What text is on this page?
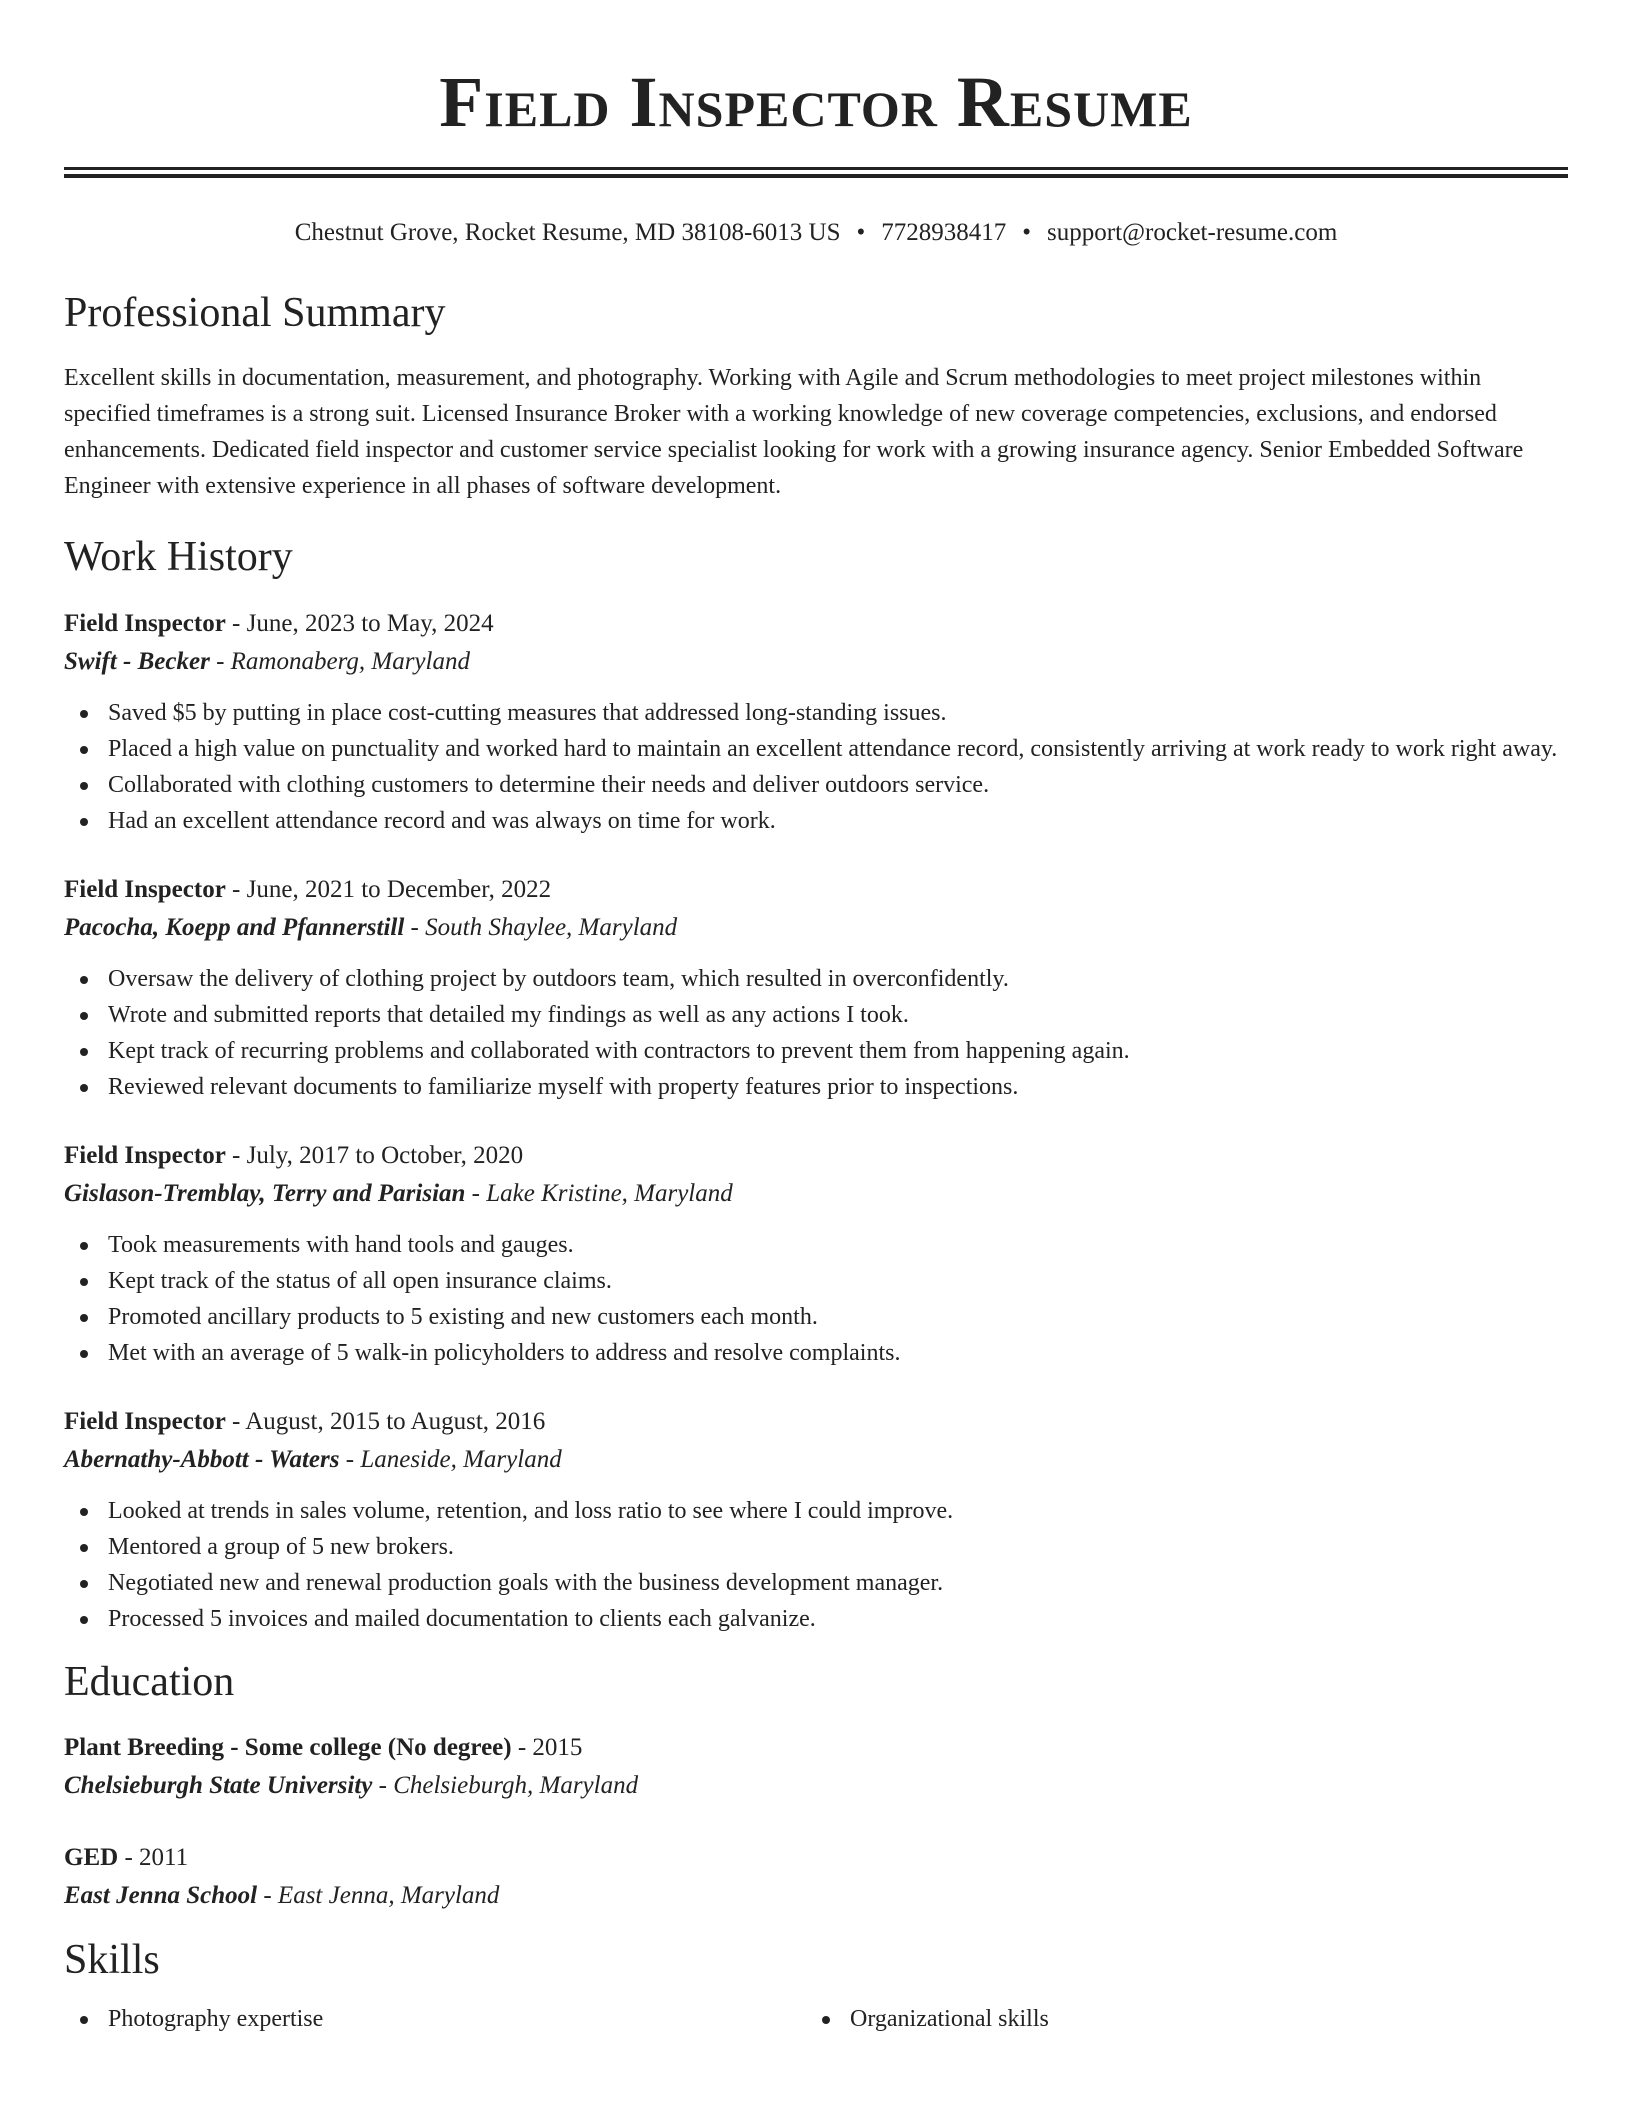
Field Inspector Resume
Chestnut Grove, Rocket Resume, MD 38108-6013 US • 7728938417 • support@rocket-resume.com
Professional Summary

Excellent skills in documentation, measurement, and photography. Working with Agile and Scrum methodologies to meet project milestones within specified timeframes is a strong suit. Licensed Insurance Broker with a working knowledge of new coverage competencies, exclusions, and endorsed enhancements. Dedicated field inspector and customer service specialist looking for work with a growing insurance agency. Senior Embedded Software Engineer with extensive experience in all phases of software development.

Work History
Field Inspector - June, 2023 to May, 2024
Swift - Becker - Ramonaberg, Maryland
Saved $5 by putting in place cost-cutting measures that addressed long-standing issues.
Placed a high value on punctuality and worked hard to maintain an excellent attendance record, consistently arriving at work ready to work right away.
Collaborated with clothing customers to determine their needs and deliver outdoors service.
Had an excellent attendance record and was always on time for work.
Field Inspector - June, 2021 to December, 2022
Pacocha, Koepp and Pfannerstill - South Shaylee, Maryland
Oversaw the delivery of clothing project by outdoors team, which resulted in overconfidently.
Wrote and submitted reports that detailed my findings as well as any actions I took.
Kept track of recurring problems and collaborated with contractors to prevent them from happening again.
Reviewed relevant documents to familiarize myself with property features prior to inspections.
Field Inspector - July, 2017 to October, 2020
Gislason-Tremblay, Terry and Parisian - Lake Kristine, Maryland
Took measurements with hand tools and gauges.
Kept track of the status of all open insurance claims.
Promoted ancillary products to 5 existing and new customers each month.
Met with an average of 5 walk-in policyholders to address and resolve complaints.
Field Inspector - August, 2015 to August, 2016
Abernathy-Abbott - Waters - Laneside, Maryland
Looked at trends in sales volume, retention, and loss ratio to see where I could improve.
Mentored a group of 5 new brokers.
Negotiated new and renewal production goals with the business development manager.
Processed 5 invoices and mailed documentation to clients each galvanize.
Education
Plant Breeding - Some college (No degree) - 2015
Chelsieburgh State University - Chelsieburgh, Maryland
GED - 2011
East Jenna School - East Jenna, Maryland
Skills
Photography expertise	Organizational skills
